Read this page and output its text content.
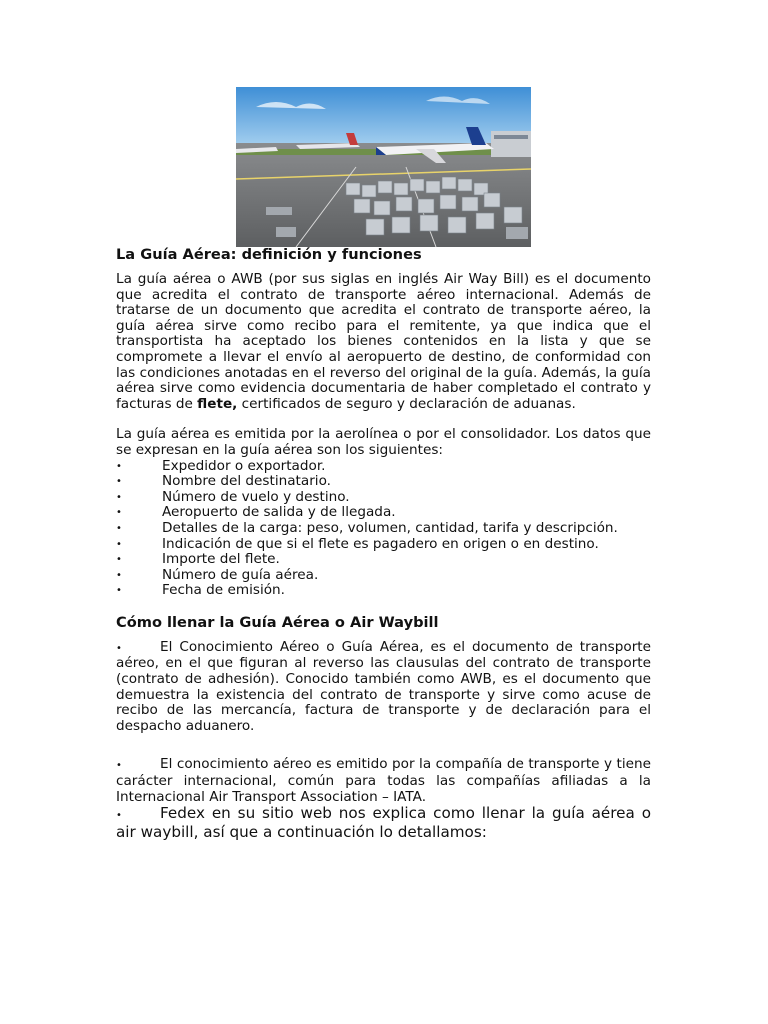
La Guía Aérea: definición y funciones

La guía aérea o AWB (por sus siglas en inglés Air Way Bill) es el documento que acredita el contrato de transporte aéreo internacional. Además de tratarse de un documento que acredita el contrato de transporte aéreo, la guía aérea sirve como recibo para el remitente, ya que indica que el transportista ha aceptado los bienes contenidos en la lista y que se compromete a llevar el envío al aeropuerto de destino, de conformidad con las condiciones anotadas en el reverso del original de la guía. Además, la guía aérea sirve como evidencia documentaria de haber completado el contrato y facturas de flete, certificados de seguro y declaración de aduanas.

La guía aérea es emitida por la aerolínea o por el consolidador. Los datos que se expresan en la guía aérea son los siguientes:

•	Expedidor o exportador.
•	Nombre del destinatario.
•	Número de vuelo y destino.
•	Aeropuerto de salida y de llegada.
•	Detalles de la carga: peso, volumen, cantidad, tarifa y descripción.
•	Indicación de que si el flete es pagadero en origen o en destino.
•	Importe del flete.
•	Número de guía aérea.
•	Fecha de emisión.
Cómo llenar la Guía Aérea o Air Waybill
•	El Conocimiento Aéreo o Guía Aérea, es el documento de transporte aéreo, en el que figuran al reverso las clausulas del contrato de transporte (contrato de adhesión). Conocido también como AWB, es el documento que demuestra la existencia del contrato de transporte y sirve como acuse de recibo de las mercancía, factura de transporte y de declaración para el despacho aduanero.
•	El conocimiento aéreo es emitido por la compañía de transporte y tiene carácter internacional, común para todas las compañías afiliadas a la Internacional Air Transport Association – IATA.
•	Fedex en su sitio web nos explica como llenar la guía aérea o air waybill, así que a continuación lo detallamos:
